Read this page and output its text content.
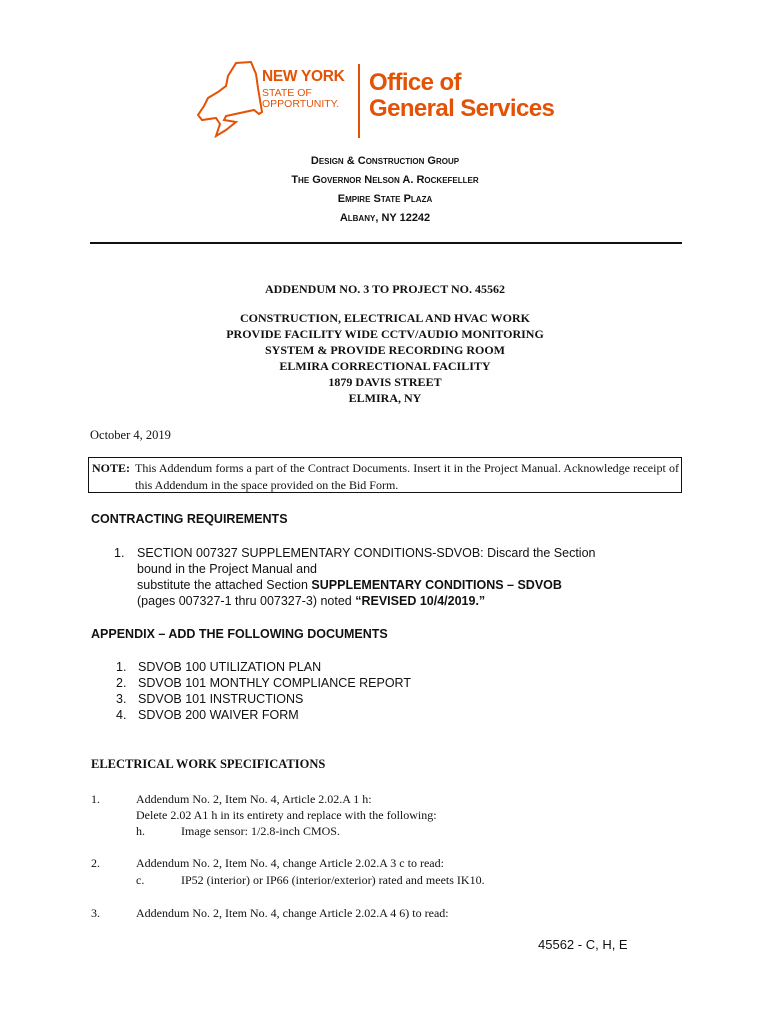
NEW YORK
STATE OF
OPPORTUNITY.
Office of
General Services
Design & Construction Group
The Governor Nelson A. Rockefeller
Empire State Plaza
Albany, NY 12242
ADDENDUM NO. 3 TO PROJECT NO. 45562
CONSTRUCTION, ELECTRICAL AND HVAC WORK
PROVIDE FACILITY WIDE CCTV/AUDIO MONITORING
SYSTEM & PROVIDE RECORDING ROOM
ELMIRA CORRECTIONAL FACILITY
1879 DAVIS STREET
ELMIRA, NY
October 4, 2019
NOTE: This Addendum forms a part of the Contract Documents. Insert it in the Project Manual. Acknowledge receipt of this Addendum in the space provided on the Bid Form.
CONTRACTING REQUIREMENTS
1. SECTION 007327 SUPPLEMENTARY CONDITIONS-SDVOB: Discard the Section
bound in the Project Manual and
substitute the attached Section SUPPLEMENTARY CONDITIONS – SDVOB
(pages 007327-1 thru 007327-3) noted “REVISED 10/4/2019.”
APPENDIX – ADD THE FOLLOWING DOCUMENTS
1. SDVOB 100 UTILIZATION PLAN
2. SDVOB 101 MONTHLY COMPLIANCE REPORT
3. SDVOB 101 INSTRUCTIONS
4. SDVOB 200 WAIVER FORM
ELECTRICAL WORK SPECIFICATIONS
1.	Addendum No. 2, Item No. 4, Article 2.02.A 1 h:
Delete 2.02 A1 h in its entirety and replace with the following:
h.	Image sensor: 1/2.8-inch CMOS.
2.	Addendum No. 2, Item No. 4, change Article 2.02.A 3 c to read:
c.	IP52 (interior) or IP66 (interior/exterior) rated and meets IK10.
3.	Addendum No. 2, Item No. 4, change Article 2.02.A 4 6) to read:
45562 - C, H, E
